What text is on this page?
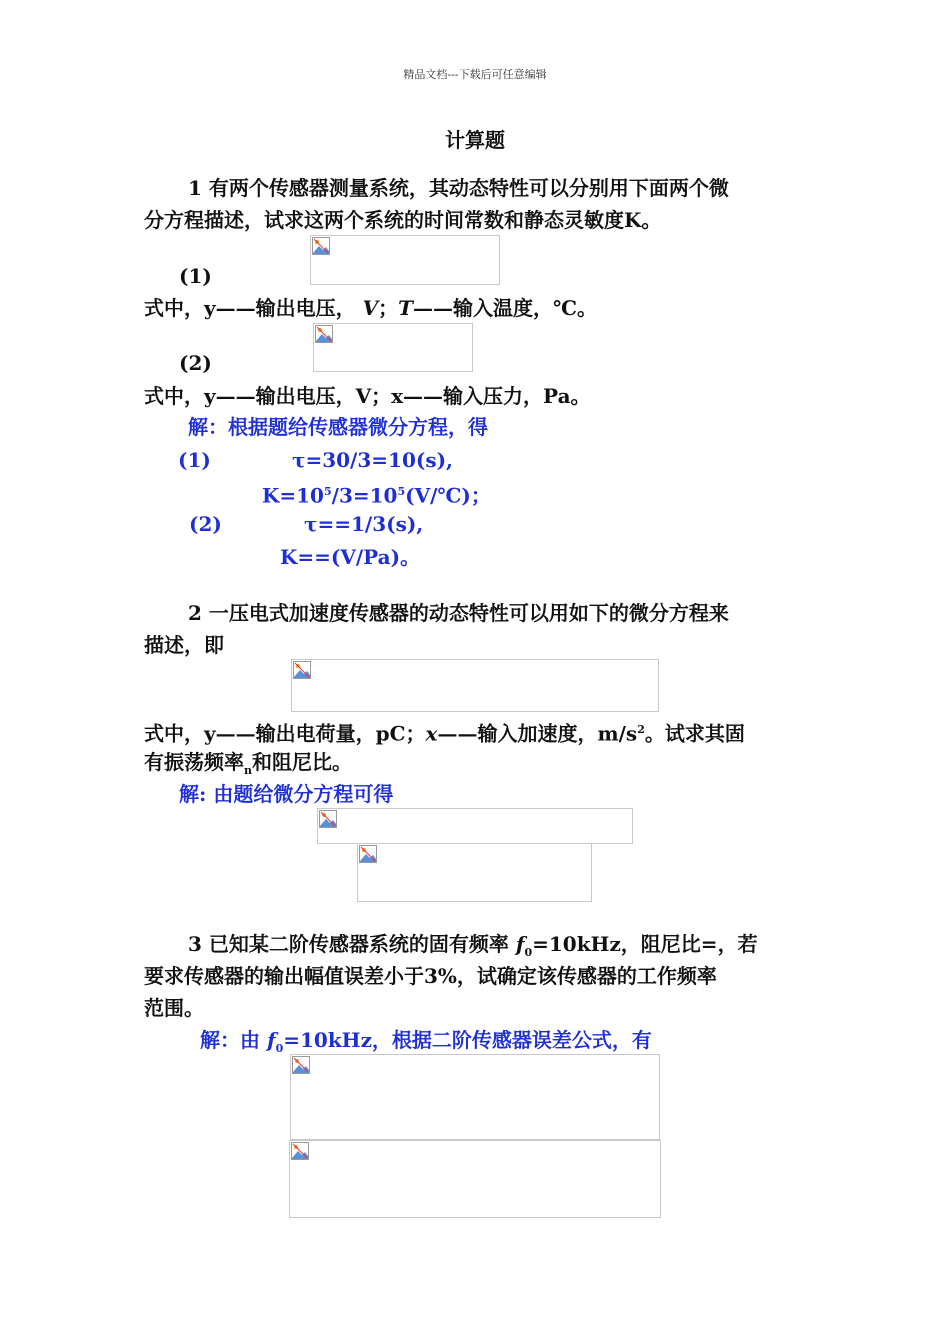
精品文档---下载后可任意编辑
计算题
1 有两个传感器测量系统，其动态特性可以分别用下面两个微
分方程描述，试求这两个系统的时间常数和静态灵敏度K。
(1)
式中，y——输出电压， V；T——输入温度，℃。
(2)
式中，y——输出电压，V；x——输入压力，Pa。
解：根据题给传感器微分方程，得
(1)	τ=30/3=10(s),
$K=10^5/3=10^5(V/℃)$；
(2)	τ==1/3(s),
K==(V/Pa)。
2 一压电式加速度传感器的动态特性可以用如下的微分方程来
描述，即
式中，y——输出电荷量，pC；x——输入加速度，$m/s^2$。试求其固
有振荡频率$_n$和阻尼比。
解: 由题给微分方程可得
3 已知某二阶传感器系统的固有频率 $f_0=10kHz$，阻尼比=，若
要求传感器的输出幅值误差小于3%，试确定该传感器的工作频率
范围。
解：由 $f_0=10kHz$，根据二阶传感器误差公式，有
